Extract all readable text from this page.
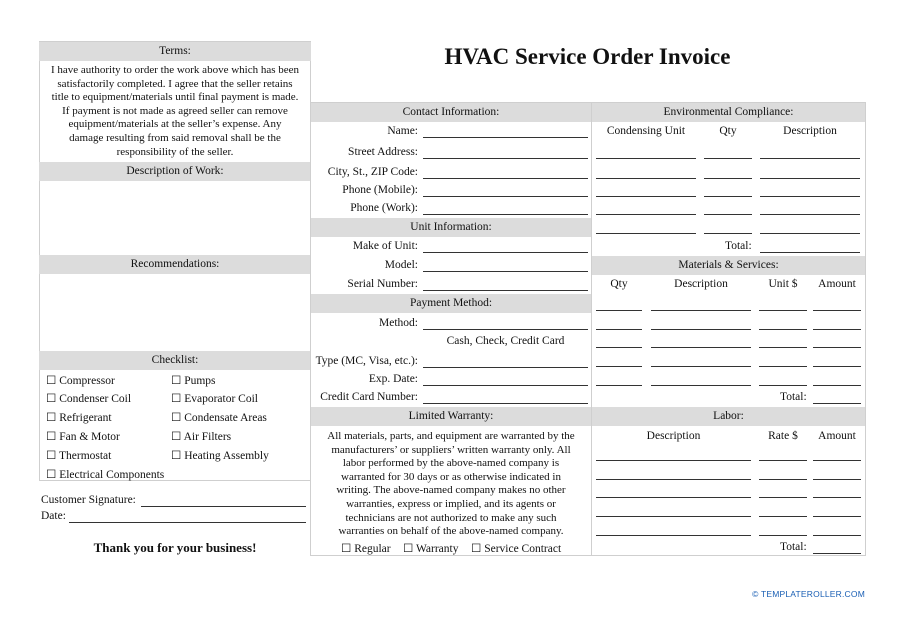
Terms:
I have authority to order the work above which has been
satisfactorily completed. I agree that the seller retains
title to equipment/materials until final payment is made.
If payment is not made as agreed seller can remove
equipment/materials at the seller’s expense. Any
damage resulting from said removal shall be the
responsibility of the seller.
Description of Work:
Recommendations:
Checklist:
☐ Compressor
☐ Condenser Coil
☐ Refrigerant
☐ Fan & Motor
☐ Thermostat
☐ Electrical Components
☐ Pumps
☐ Evaporator Coil
☐ Condensate Areas
☐ Air Filters
☐ Heating Assembly
Customer Signature:
Date:
Thank you for your business!
HVAC Service Order Invoice
Contact Information:
Name:
Street Address:
City, St., ZIP Code:
Phone (Mobile):
Phone (Work):
Unit Information:
Make of Unit:
Model:
Serial Number:
Payment Method:
Method:
Cash, Check, Credit Card
Type (MC, Visa, etc.):
Exp. Date:
Credit Card Number:
Limited Warranty:
All materials, parts, and equipment are warranted by the
manufacturers’ or suppliers’ written warranty only. All
labor performed by the above-named company is
warranted for 30 days or as otherwise indicated in
writing. The above-named company makes no other
warranties, express or implied, and its agents or
technicians are not authorized to make any such
warranties on behalf of the above-named company.
☐ Regular ☐ Warranty ☐ Service Contract
Environmental Compliance:
Condensing Unit	Qty	Description
Total:
Materials & Services:
Qty	Description	Unit $	Amount
Total:
Labor:
Description	Rate $	Amount
Total:
© TEMPLATEROLLER.COM
